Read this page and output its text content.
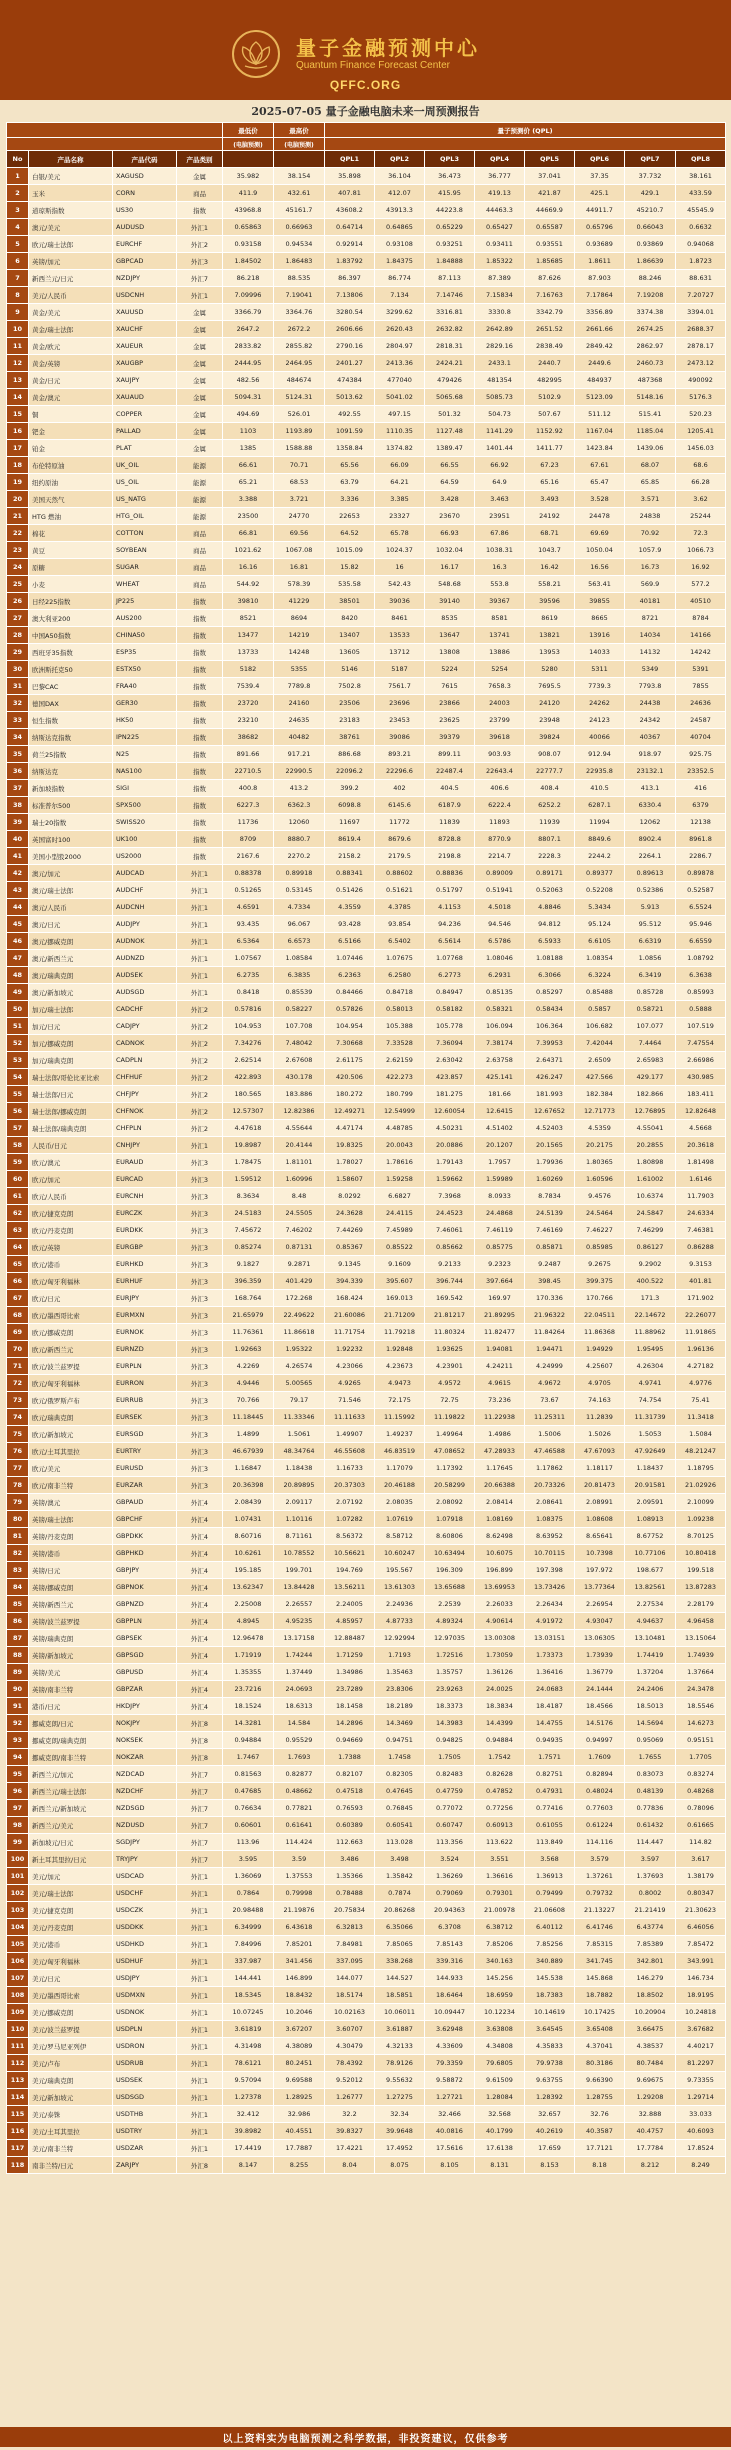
量子金融预测中心
Quantum Finance Forecast Center
QFFC.ORG
2025-07-05 量子金融电脑未来一周预测报告
				最低价	最高价	量子预测价 (QPL)							
				(电脑预测)	(电脑预测)								
No	产品名称	产品代码	产品类别			QPL1	QPL2	QPL3	QPL4	QPL5	QPL6	QPL7	QPL8
1	白银/美元	XAGUSD	金属	35.982	38.154	35.898	36.104	36.473	36.777	37.041	37.35	37.732	38.161
2	玉米	CORN	商品	411.9	432.61	407.81	412.07	415.95	419.13	421.87	425.1	429.1	433.59
3	道琼斯指数	US30	指数	43968.8	45161.7	43608.2	43913.3	44223.8	44463.3	44669.9	44911.7	45210.7	45545.9
4	澳元/美元	AUDUSD	外汇1	0.65863	0.66963	0.64714	0.64865	0.65229	0.65427	0.65587	0.65796	0.66043	0.6632
5	欧元/瑞士法郎	EURCHF	外汇2	0.93158	0.94534	0.92914	0.93108	0.93251	0.93411	0.93551	0.93689	0.93869	0.94068
6	英镑/加元	GBPCAD	外汇3	1.84502	1.86483	1.83792	1.84375	1.84888	1.85322	1.85685	1.8611	1.86639	1.8723
7	新西兰元/日元	NZDJPY	外汇7	86.218	88.535	86.397	86.774	87.113	87.389	87.626	87.903	88.246	88.631
8	美元/人民币	USDCNH	外汇1	7.09996	7.19041	7.13806	7.134	7.14746	7.15834	7.16763	7.17864	7.19208	7.20727
9	黄金/美元	XAUUSD	金属	3366.79	3364.76	3280.54	3299.62	3316.81	3330.8	3342.79	3356.89	3374.38	3394.01
10	黄金/瑞士法郎	XAUCHF	金属	2647.2	2672.2	2606.66	2620.43	2632.82	2642.89	2651.52	2661.66	2674.25	2688.37
11	黄金/欧元	XAUEUR	金属	2833.82	2855.82	2790.16	2804.97	2818.31	2829.16	2838.49	2849.42	2862.97	2878.17
12	黄金/英镑	XAUGBP	金属	2444.95	2464.95	2401.27	2413.36	2424.21	2433.1	2440.7	2449.6	2460.73	2473.12
13	黄金/日元	XAUJPY	金属	482.56	484674	474384	477040	479426	481354	482995	484937	487368	490092
14	黄金/澳元	XAUAUD	金属	5094.31	5124.31	5013.62	5041.02	5065.68	5085.73	5102.9	5123.09	5148.16	5176.3
15	铜	COPPER	金属	494.69	526.01	492.55	497.15	501.32	504.73	507.67	511.12	515.41	520.23
16	钯金	PALLAD	金属	1103	1193.89	1091.59	1110.35	1127.48	1141.29	1152.92	1167.04	1185.04	1205.41
17	铂金	PLAT	金属	1385	1588.88	1358.84	1374.82	1389.47	1401.44	1411.77	1423.84	1439.06	1456.03
18	布伦特原油	UK_OIL	能源	66.61	70.71	65.56	66.09	66.55	66.92	67.23	67.61	68.07	68.6
19	纽约原油	US_OIL	能源	65.21	68.53	63.79	64.21	64.59	64.9	65.16	65.47	65.85	66.28
20	美国天然气	US_NATG	能源	3.388	3.721	3.336	3.385	3.428	3.463	3.493	3.528	3.571	3.62
21	HTG 燃油	HTG_OIL	能源	23500	24770	22653	23327	23670	23951	24192	24478	24838	25244
22	棉花	COTTON	商品	66.81	69.56	64.52	65.78	66.93	67.86	68.71	69.69	70.92	72.3
23	黄豆	SOYBEAN	商品	1021.62	1067.08	1015.09	1024.37	1032.04	1038.31	1043.7	1050.04	1057.9	1066.73
24	原糖	SUGAR	商品	16.16	16.81	15.82	16	16.17	16.3	16.42	16.56	16.73	16.92
25	小麦	WHEAT	商品	544.92	578.39	535.58	542.43	548.68	553.8	558.21	563.41	569.9	577.2
26	日经225指数	JP225	指数	39810	41229	38501	39036	39140	39367	39596	39855	40181	40510
27	澳大利亚200	AUS200	指数	8521	8694	8420	8461	8535	8581	8619	8665	8721	8784
28	中国A50指数	CHINA50	指数	13477	14219	13407	13533	13647	13741	13821	13916	14034	14166
29	西班牙35指数	ESP35	指数	13733	14248	13605	13712	13808	13886	13953	14033	14132	14242
30	欧洲斯托克50	ESTX50	指数	5182	5355	5146	5187	5224	5254	5280	5311	5349	5391
31	巴黎CAC	FRA40	指数	7539.4	7789.8	7502.8	7561.7	7615	7658.3	7695.5	7739.3	7793.8	7855
32	德国DAX	GER30	指数	23720	24160	23506	23696	23866	24003	24120	24262	24438	24636
33	恒生指数	HK50	指数	23210	24635	23183	23453	23625	23799	23948	24123	24342	24587
34	纳斯达克指数	IPN225	指数	38682	40482	38761	39086	39379	39618	39824	40066	40367	40704
35	荷兰25指数	N25	指数	891.66	917.21	886.68	893.21	899.11	903.93	908.07	912.94	918.97	925.75
36	纳斯达克	NAS100	指数	22710.5	22990.5	22096.2	22296.6	22487.4	22643.4	22777.7	22935.8	23132.1	23352.5
37	新加坡指数	SIGI	指数	400.8	413.2	399.2	402	404.5	406.6	408.4	410.5	413.1	416
38	标准普尔500	SPX500	指数	6227.3	6362.3	6098.8	6145.6	6187.9	6222.4	6252.2	6287.1	6330.4	6379
39	瑞士20指数	SWISS20	指数	11736	12060	11697	11772	11839	11893	11939	11994	12062	12138
40	英国富时100	UK100	指数	8709	8880.7	8619.4	8679.6	8728.8	8770.9	8807.1	8849.6	8902.4	8961.8
41	美国小型股2000	US2000	指数	2167.6	2270.2	2158.2	2179.5	2198.8	2214.7	2228.3	2244.2	2264.1	2286.7
42	澳元/加元	AUDCAD	外汇1	0.88378	0.89918	0.88341	0.88602	0.88836	0.89009	0.89171	0.89377	0.89613	0.89878
43	澳元/瑞士法郎	AUDCHF	外汇1	0.51265	0.53145	0.51426	0.51621	0.51797	0.51941	0.52063	0.52208	0.52386	0.52587
44	澳元/人民币	AUDCNH	外汇1	4.6591	4.7334	4.3559	4.3785	4.1153	4.5018	4.8846	5.3434	5.913	6.5524
45	澳元/日元	AUDJPY	外汇1	93.435	96.067	93.428	93.854	94.236	94.546	94.812	95.124	95.512	95.946
46	澳元/挪威克朗	AUDNOK	外汇1	6.5364	6.6573	6.5166	6.5402	6.5614	6.5786	6.5933	6.6105	6.6319	6.6559
47	澳元/新西兰元	AUDNZD	外汇1	1.07567	1.08584	1.07446	1.07675	1.07768	1.08046	1.08188	1.08354	1.0856	1.08792
48	澳元/瑞典克朗	AUDSEK	外汇1	6.2735	6.3835	6.2363	6.2580	6.2773	6.2931	6.3066	6.3224	6.3419	6.3638
49	澳元/新加坡元	AUDSGD	外汇1	0.8418	0.85539	0.84466	0.84718	0.84947	0.85135	0.85297	0.85488	0.85728	0.85993
50	加元/瑞士法郎	CADCHF	外汇2	0.57816	0.58227	0.57826	0.58013	0.58182	0.58321	0.58434	0.5857	0.58721	0.5888
51	加元/日元	CADJPY	外汇2	104.953	107.708	104.954	105.388	105.778	106.094	106.364	106.682	107.077	107.519
52	加元/挪威克朗	CADNOK	外汇2	7.34276	7.48042	7.30668	7.33528	7.36094	7.38174	7.39953	7.42044	7.4464	7.47554
53	加元/瑞典克朗	CADPLN	外汇2	2.62514	2.67608	2.61175	2.62159	2.63042	2.63758	2.64371	2.6509	2.65983	2.66986
54	瑞士法郎/哥伦比亚比索	CHFHUF	外汇2	422.893	430.178	420.506	422.273	423.857	425.141	426.247	427.566	429.177	430.985
55	瑞士法郎/日元	CHFJPY	外汇2	180.565	183.886	180.272	180.799	181.275	181.66	181.993	182.384	182.866	183.411
56	瑞士法郎/挪威克朗	CHFNOK	外汇2	12.57307	12.82386	12.49271	12.54999	12.60054	12.6415	12.67652	12.71773	12.76895	12.82648
57	瑞士法郎/瑞典克朗	CHFPLN	外汇2	4.47618	4.55644	4.47174	4.48785	4.50231	4.51402	4.52403	4.5359	4.55041	4.5668
58	人民币/日元	CNHJPY	外汇1	19.8987	20.4144	19.8325	20.0043	20.0886	20.1207	20.1565	20.2175	20.2855	20.3618
59	欧元/澳元	EURAUD	外汇3	1.78475	1.81101	1.78027	1.78616	1.79143	1.7957	1.79936	1.80365	1.80898	1.81498
60	欧元/加元	EURCAD	外汇3	1.59512	1.60996	1.58607	1.59258	1.59662	1.59989	1.60269	1.60596	1.61002	1.6146
61	欧元/人民币	EURCNH	外汇3	8.3634	8.48	8.0292	6.6827	7.3968	8.0933	8.7834	9.4576	10.6374	11.7903
62	欧元/捷克克朗	EURCZK	外汇3	24.5183	24.5505	24.3628	24.4115	24.4523	24.4868	24.5139	24.5464	24.5847	24.6334
63	欧元/丹麦克朗	EURDKK	外汇3	7.45672	7.46202	7.44269	7.45989	7.46061	7.46119	7.46169	7.46227	7.46299	7.46381
64	欧元/英镑	EURGBP	外汇3	0.85274	0.87131	0.85367	0.85522	0.85662	0.85775	0.85871	0.85985	0.86127	0.86288
65	欧元/港币	EURHKD	外汇3	9.1827	9.2871	9.1345	9.1609	9.2133	9.2323	9.2487	9.2675	9.2902	9.3153
66	欧元/匈牙利福林	EURHUF	外汇3	396.359	401.429	394.339	395.607	396.744	397.664	398.45	399.375	400.522	401.81
67	欧元/日元	EURJPY	外汇3	168.764	172.268	168.424	169.013	169.542	169.97	170.336	170.766	171.3	171.902
68	欧元/墨西哥比索	EURMXN	外汇3	21.65979	22.49622	21.60086	21.71209	21.81217	21.89295	21.96322	22.04511	22.14672	22.26077
69	欧元/挪威克朗	EURNOK	外汇3	11.76361	11.86618	11.71754	11.79218	11.80324	11.82477	11.84264	11.86368	11.88962	11.91865
70	欧元/新西兰元	EURNZD	外汇3	1.92663	1.95322	1.92232	1.92848	1.93625	1.94081	1.94471	1.94929	1.95495	1.96136
71	欧元/波兰兹罗提	EURPLN	外汇3	4.2269	4.26574	4.23066	4.23673	4.23901	4.24211	4.24999	4.25607	4.26304	4.27182
72	欧元/匈牙利福林	EURRON	外汇3	4.9446	5.00565	4.9265	4.9473	4.9572	4.9615	4.9672	4.9705	4.9741	4.9776
73	欧元/俄罗斯卢布	EURRUB	外汇3	70.766	79.17	71.546	72.175	72.75	73.236	73.67	74.163	74.754	75.41
74	欧元/瑞典克朗	EURSEK	外汇3	11.18445	11.33346	11.11633	11.15992	11.19822	11.22938	11.25311	11.2839	11.31739	11.3418
75	欧元/新加坡元	EURSGD	外汇3	1.4899	1.5061	1.49907	1.49237	1.49964	1.4986	1.5006	1.5026	1.5053	1.5084
76	欧元/土耳其里拉	EURTRY	外汇3	46.67939	48.34764	46.55608	46.83519	47.08652	47.28933	47.46588	47.67093	47.92649	48.21247
77	欧元/美元	EURUSD	外汇3	1.16847	1.18438	1.16733	1.17079	1.17392	1.17645	1.17862	1.18117	1.18437	1.18795
78	欧元/南非兰特	EURZAR	外汇3	20.36398	20.89895	20.37303	20.46188	20.58299	20.66388	20.73326	20.81473	20.91581	21.02926
79	英镑/澳元	GBPAUD	外汇4	2.08439	2.09117	2.07192	2.08035	2.08092	2.08414	2.08641	2.08991	2.09591	2.10099
80	英镑/瑞士法郎	GBPCHF	外汇4	1.07431	1.10116	1.07282	1.07619	1.07918	1.08169	1.08375	1.08608	1.08913	1.09238
81	英镑/丹麦克朗	GBPDKK	外汇4	8.60716	8.71161	8.56372	8.58712	8.60806	8.62498	8.63952	8.65641	8.67752	8.70125
82	英镑/港币	GBPHKD	外汇4	10.6261	10.78552	10.56621	10.60247	10.63494	10.6075	10.70115	10.7398	10.77106	10.80418
83	英镑/日元	GBPJPY	外汇4	195.185	199.701	194.769	195.567	196.309	196.899	197.398	197.972	198.677	199.518
84	英镑/挪威克朗	GBPNOK	外汇4	13.62347	13.84428	13.56211	13.61303	13.65688	13.69953	13.73426	13.77364	13.82561	13.87283
85	英镑/新西兰元	GBPNZD	外汇4	2.25008	2.26557	2.24005	2.24936	2.2539	2.26033	2.26434	2.26954	2.27534	2.28179
86	英镑/波兰兹罗提	GBPPLN	外汇4	4.8945	4.95235	4.85957	4.87733	4.89324	4.90614	4.91972	4.93047	4.94637	4.96458
87	英镑/瑞典克朗	GBPSEK	外汇4	12.96478	13.17158	12.88487	12.92994	12.97035	13.00308	13.03151	13.06305	13.10481	13.15064
88	英镑/新加坡元	GBPSGD	外汇4	1.71919	1.74244	1.71259	1.7193	1.72516	1.73059	1.73373	1.73939	1.74419	1.74939
89	英镑/美元	GBPUSD	外汇4	1.35355	1.37449	1.34986	1.35463	1.35757	1.36126	1.36416	1.36779	1.37204	1.37664
90	英镑/南非兰特	GBPZAR	外汇4	23.7216	24.0693	23.7289	23.8306	23.9263	24.0025	24.0683	24.1444	24.2406	24.3478
91	港币/日元	HKDJPY	外汇4	18.1524	18.6313	18.1458	18.2189	18.3373	18.3834	18.4187	18.4566	18.5013	18.5546
92	挪威克朗/日元	NOKJPY	外汇8	14.3281	14.584	14.2896	14.3469	14.3983	14.4399	14.4755	14.5176	14.5694	14.6273
93	挪威克朗/瑞典克朗	NOKSEK	外汇8	0.94884	0.95529	0.94669	0.94751	0.94825	0.94884	0.94935	0.94997	0.95069	0.95151
94	挪威克朗/南非兰特	NOKZAR	外汇8	1.7467	1.7693	1.7388	1.7458	1.7505	1.7542	1.7571	1.7609	1.7655	1.7705
95	新西兰元/加元	NZDCAD	外汇7	0.81563	0.82877	0.82107	0.82305	0.82483	0.82628	0.82751	0.82894	0.83073	0.83274
96	新西兰元/瑞士法郎	NZDCHF	外汇7	0.47685	0.48662	0.47518	0.47645	0.47759	0.47852	0.47931	0.48024	0.48139	0.48268
97	新西兰元/新加坡元	NZDSGD	外汇7	0.76634	0.77821	0.76593	0.76845	0.77072	0.77256	0.77416	0.77603	0.77836	0.78096
98	新西兰元/美元	NZDUSD	外汇7	0.60601	0.61641	0.60389	0.60541	0.60747	0.60913	0.61055	0.61224	0.61432	0.61665
99	新加坡元/日元	SGDJPY	外汇7	113.96	114.424	112.663	113.028	113.356	113.622	113.849	114.116	114.447	114.82
100	新土耳其里拉/日元	TRYJPY	外汇7	3.595	3.59	3.486	3.498	3.524	3.551	3.568	3.579	3.597	3.617
101	美元/加元	USDCAD	外汇1	1.36069	1.37553	1.35366	1.35842	1.36269	1.36616	1.36913	1.37261	1.37693	1.38179
102	美元/瑞士法郎	USDCHF	外汇1	0.7864	0.79998	0.78488	0.7874	0.79069	0.79301	0.79499	0.79732	0.8002	0.80347
103	美元/捷克克朗	USDCZK	外汇1	20.98488	21.19876	20.75834	20.86268	20.94363	21.00978	21.06608	21.13227	21.21419	21.30623
104	美元/丹麦克朗	USDDKK	外汇1	6.34999	6.43618	6.32813	6.35066	6.3708	6.38712	6.40112	6.41746	6.43774	6.46056
105	美元/港币	USDHKD	外汇1	7.84996	7.85201	7.84981	7.85065	7.85143	7.85206	7.85256	7.85315	7.85389	7.85472
106	美元/匈牙利福林	USDHUF	外汇1	337.987	341.456	337.095	338.268	339.316	340.163	340.889	341.745	342.801	343.991
107	美元/日元	USDJPY	外汇1	144.441	146.899	144.077	144.527	144.933	145.256	145.538	145.868	146.279	146.734
108	美元/墨西哥比索	USDMXN	外汇1	18.5345	18.8432	18.5174	18.5851	18.6464	18.6959	18.7383	18.7882	18.8502	18.9195
109	美元/挪威克朗	USDNOK	外汇1	10.07245	10.2046	10.02163	10.06011	10.09447	10.12234	10.14619	10.17425	10.20904	10.24818
110	美元/波兰兹罗提	USDPLN	外汇1	3.61819	3.67207	3.60707	3.61887	3.62948	3.63808	3.64545	3.65408	3.66475	3.67682
111	美元/罗马尼亚列伊	USDRON	外汇1	4.31498	4.38089	4.30479	4.32133	4.33609	4.34808	4.35833	4.37041	4.38537	4.40217
112	美元/卢布	USDRUB	外汇1	78.6121	80.2451	78.4392	78.9126	79.3359	79.6805	79.9738	80.3186	80.7484	81.2297
113	美元/瑞典克朗	USDSEK	外汇1	9.57094	9.69588	9.52012	9.55632	9.58872	9.61509	9.63755	9.66390	9.69675	9.73355
114	美元/新加坡元	USDSGD	外汇1	1.27378	1.28925	1.26777	1.27275	1.27721	1.28084	1.28392	1.28755	1.29208	1.29714
115	美元/泰铢	USDTHB	外汇1	32.412	32.986	32.2	32.34	32.466	32.568	32.657	32.76	32.888	33.033
116	美元/土耳其里拉	USDTRY	外汇1	39.8982	40.4551	39.8327	39.9648	40.0816	40.1799	40.2619	40.3587	40.4757	40.6093
117	美元/南非兰特	USDZAR	外汇1	17.4419	17.7887	17.4221	17.4952	17.5616	17.6138	17.659	17.7121	17.7784	17.8524
118	南非兰特/日元	ZARJPY	外汇8	8.147	8.255	8.04	8.075	8.105	8.131	8.153	8.18	8.212	8.249
以上资料实为电脑预测之科学数据，非投资建议，仅供参考
